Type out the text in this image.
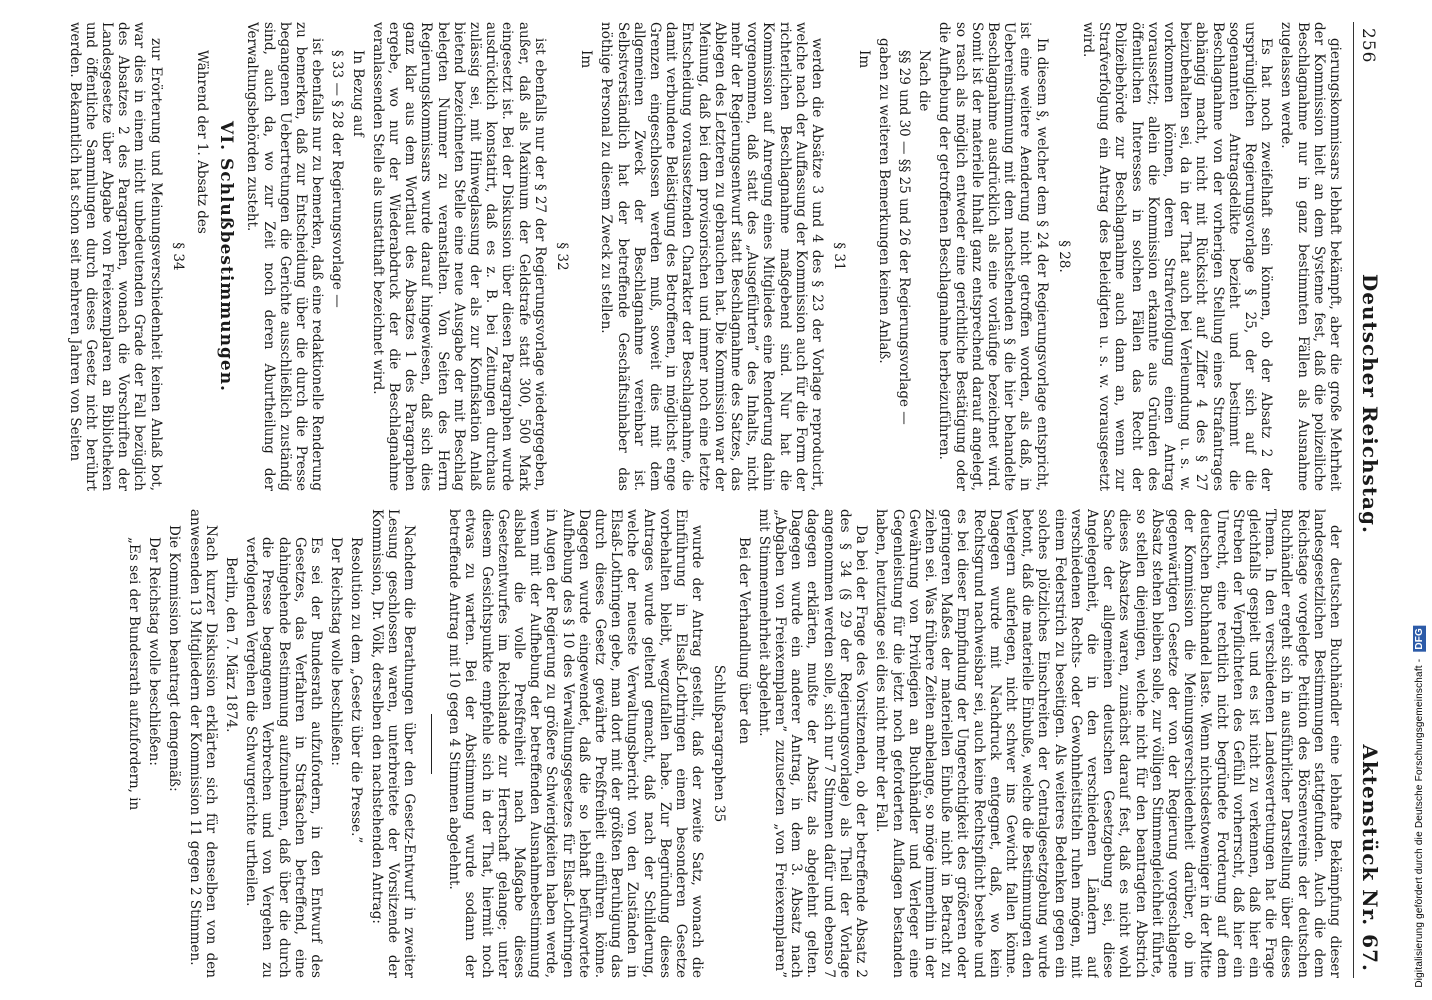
256
Deutscher Reichstag.
Aktenstück Nr. 67.

gierungskommissars lebhaft bekämpft, aber die große Mehrheit der Kommission hielt an dem Systeme fest, daß die polizeiliche Beschlagnahme nur in ganz bestimmten Fällen als Ausnahme zugelassen werde.

Es hat noch zweifelhaft sein können, ob der Absatz 2 der ursprünglichen Regierungsvorlage § 25, der sich auf die sogenannten Antragsdelikte bezieht und bestimmt die Beschlagnahme von der vorherigen Stellung eines Strafantrages abhängig macht, nicht mit Rücksicht auf Ziffer 4 des § 27 beizubehalten sei, da in der That auch bei Verleumdung u. s. w. vorkommen können, deren Strafverfolgung einen Antrag voraussetzt; allein die Kommission erkannte aus Gründen des öffentlichen Interesses in solchen Fällen das Recht der Polizeibehörde zur Beschlagnahme auch dann an, wenn zur Strafverfolgung ein Antrag des Beleidigten u. s. w. vorausgesetzt wird.

§ 28.

In diesem §, welcher dem § 24 der Regierungsvorlage entspricht, ist eine weitere Aenderung nicht getroffen worden, als daß, in Uebereinstimmung mit dem nachstehenden § die hier behandelte Beschlagnahme ausdrücklich als eine vorläufige bezeichnet wird. Somit ist der materielle Inhalt ganz entsprechend darauf angelegt, so rasch als möglich entweder eine gerichtliche Bestätigung oder die Aufhebung der getroffenen Beschlagnahme herbeizuführen.

Nach die

§§ 29 und 30 — §§ 25 und 26 der Regierungsvorlage —

gaben zu weiteren Bemerkungen keinen Anlaß.

Im

§ 31

werden die Absätze 3 und 4 des § 23 der Vorlage reproducirt, welche nach der Auffassung der Kommission auch für die Form der richterlichen Beschlagnahme maßgebend sind. Nur hat die Kommission auf Anregung eines Mitgliedes eine Renderung dahin vorgenommen, daß statt des „Ausgeführten” des Inhalts, nicht mehr der Regierungsentwurf statt Beschlagnahme des Satzes, das Ablegen des Letzteren zu gebrauchen hat. Die Kommission war der Meinung, daß bei dem provisorischen und immer noch eine letzte Entscheidung voraussetzenden Charakter der Beschlagnahme, die damit verbundene Belästigung des Betroffenen, in möglichst enge Grenzen eingeschlossen werden muß, soweit dies mit dem allgemeinen Zweck der Beschlagnahme vereinbar ist. Selbstverständlich hat der betreffende Geschäftsinhaber das nöthige Personal zu diesem Zweck zu stellen.

Im

§ 32

ist ebenfalls nur der § 27 der Regierungsvorlage wiedergegeben, außer, daß als Maximum der Geldstrafe statt 300, 500 Mark eingesetzt ist. Bei der Diskussion über diesen Paragraphen wurde ausdrücklich konstatirt, daß es z. B. bei Zeitungen durchaus zulässig sei, mit Hinweglassung der als zur Konfiskation Anlaß bietend bezeichneten Stelle eine neue Ausgabe der mit Beschlag belegten Nummer zu veranstalten. Von Seiten des Herrn Regierungskommissars wurde darauf hingewiesen, daß sich dies ganz klar aus dem Wortlaut des Absatzes 1 des Paragraphen ergebe, wo nur der Wiederabdruck der die Beschlagnahme veranlassenden Stelle als unstatthaft bezeichnet wird.

In Bezug auf

§ 33 — § 28 der Regierungsvorlage —

ist ebenfalls nur zu bemerken, daß eine redaktionelle Renderung zu bemerken, daß zur Entscheidung über die durch die Presse begangenen Uebertretungen die Gerichte ausschließlich zuständig sind, auch da, wo zur Zeit noch deren Aburtheilung der Verwaltungsbehörden zusteht.

VI. Schlußbestimmungen.

Während der 1. Absatz des

§ 34

zur Erörterung und Meinungsverschiedenheit keinen Anlaß bot, war dies in einem nicht unbedeutenden Grade der Fall bezüglich des Absatzes 2 des Paragraphen, wonach die Vorschriften der Landesgesetze über Abgabe von Freiexemplaren an Bibliotheken und öffentliche Sammlungen durch dieses Gesetz nicht berührt werden. Bekanntlich hat schon seit mehreren Jahren von Seiten

der deutschen Buchhändler eine lebhafte Bekämpfung dieser landesgesetzlichen Bestimmungen stattgefunden. Auch die dem Reichstage vorgelegte Petition des Börsenvereins der deutschen Buchhändler ergeht sich in ausführlicher Darstellung über dieses Thema. In den verschiedenen Landesvertretungen hat die Frage gleichfalls gespielt und es ist nicht zu verkennen, daß hier ein Streben der Verpflichteten des Gefühl vorherrscht, daß hier ein Unrecht, eine rechtlich nicht begründete Forderung auf dem deutschen Buchhandel laste. Wenn nichtsdestoweniger in der Mitte der Kommission die Meinungsverschiedenheit darüber, ob im gegenwärtigen Gesetze der von der Regierung vorgeschlagene Absatz stehen bleiben solle, zur völligen Stimmengleichheit führte, so stellen diejenigen, welche nicht für den beantragten Abstrich dieses Absatzes waren, zunächst darauf fest, daß es nicht wohl Sache der allgemeinen deutschen Gesetzgebung sei, diese Angelegenheit, die in den verschiedenen Ländern auf verschiedenen Rechts- oder Gewohnheitstiteln ruhen mögen, mit einem Federstrich zu beseitigen. Als weiteres Bedenken gegen ein solches plötzliches Einschreiten der Centralgesetzgebung wurde betont, daß die materielle Einbuße, welche die Bestimmungen den Verlegern auferlegen, nicht schwer ins Gewicht fallen könne. Dagegen wurde mit Nachdruck entgegnet, daß, wo kein Rechtsgrund nachweisbar sei, auch keine Rechtspflicht bestehe und es bei dieser Empfindung der Ungerechtigkeit des größeren oder geringeren Maßes der materiellen Einbuße nicht in Betracht zu ziehen sei. Was frühere Zeiten anbelange, so möge immerhin in der Gewährung von Privilegien an Buchhändler und Verleger eine Gegenleistung für die jetzt noch geforderten Auflagen bestanden haben, heutzutage sei dies nicht mehr der Fall.

Da bei der Frage des Vorsitzenden, ob der betreffende Absatz 2 des § 34 (§ 29 der Regierungsvorlage) als Theil der Vorlage angenommen werden solle, sich nur 7 Stimmen dafür und ebenso 7 dagegen erklärten, mußte der Absatz als abgelehnt gelten. Dagegen wurde ein anderer Antrag, in dem 3. Absatz nach „Abgaben von Freiexemplaren” zuzusetzen „von Freiexemplaren” mit Stimmenmehrheit abgelehnt.

Bei der Verhandlung über den

Schlußparagraphen 35

wurde der Antrag gestellt, daß der zweite Satz, wonach die Einführung in Elsaß-Lothringen einem besonderen Gesetze vorbehalten bleibt, wegzufallen habe. Zur Begründung dieses Antrages wurde geltend gemacht, daß nach der Schilderung, welche der neueste Verwaltungsbericht von den Zuständen in Elsaß-Lothringen gebe, man dort mit der größten Beruhigung das durch dieses Gesetz gewährte Preßfreiheit einführen könne. Dagegen wurde eingewendet, daß die so lebhaft befürwortete Aufhebung des § 10 des Verwaltungsgesetzes für Elsaß-Lothringen in Augen der Regierung zu größere Schwierigkeiten haben werde, wenn mit der Aufhebung der betreffenden Ausnahmebestimmung alsbald die volle Preßfreiheit nach Maßgabe dieses Gesetzentwurfes im Reichslande zur Herrschaft gelange; unter diesem Gesichtspunkte empfehle sich in der That, hiermit noch etwas zu warten. Bei der Abstimmung wurde sodann der betreffende Antrag mit 10 gegen 4 Stimmen abgelehnt.

Nachdem die Berathungen über den Gesetz-Entwurf in zweiter Lesung geschlossen waren, unterbreitete der Vorsitzende der Kommission, Dr. Völk, derselben den nachstehenden Antrag:

Resolution zu dem „Gesetz über die Presse.”

Der Reichstag wolle beschließen:

Es sei der Bundesrath aufzufordern, in den Entwurf des Gesetzes, das Verfahren in Strafsachen betreffend, eine dahingehende Bestimmung aufzunehmen, daß über die durch die Presse begangenen Verbrechen und von Vergehen zu verfolgenden Vergehen die Schwurgerichte urtheilen.

Berlin, den 7. März 1874.

Nach kurzer Diskussion erklärten sich für denselben von den anwesenden 13 Mitgliedern der Kommission 11 gegen 2 Stimmen.

Die Kommission beantragt demgemäß:

Der Reichstag wolle beschließen:

„Es sei der Bundesrath aufzufordern, in	Digitalisierung gefördert durch die Deutsche Forschungsgemeinschaft - DFG
